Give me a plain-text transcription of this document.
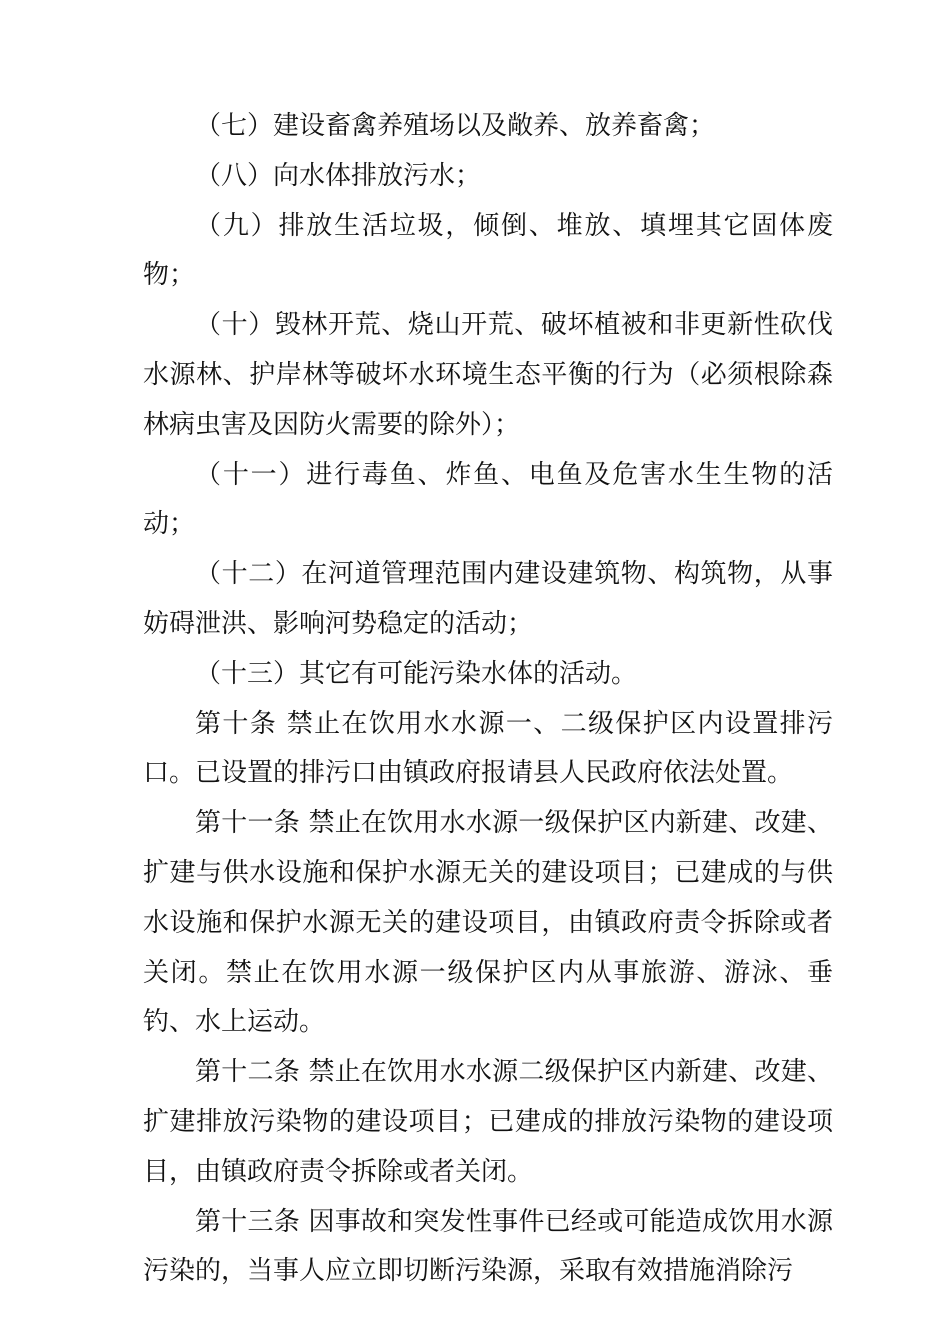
（七）建设畜禽养殖场以及敞养、放养畜禽；

（八）向水体排放污水；

（九）排放生活垃圾，倾倒、堆放、填埋其它固体废物；

（十）毁林开荒、烧山开荒、破坏植被和非更新性砍伐水源林、护岸林等破坏水环境生态平衡的行为（必须根除森林病虫害及因防火需要的除外）；

（十一）进行毒鱼、炸鱼、电鱼及危害水生生物的活动；

（十二）在河道管理范围内建设建筑物、构筑物，从事妨碍泄洪、影响河势稳定的活动；

（十三）其它有可能污染水体的活动。

第十条 禁止在饮用水水源一、二级保护区内设置排污口。已设置的排污口由镇政府报请县人民政府依法处置。

第十一条 禁止在饮用水水源一级保护区内新建、改建、扩建与供水设施和保护水源无关的建设项目；已建成的与供水设施和保护水源无关的建设项目，由镇政府责令拆除或者关闭。禁止在饮用水源一级保护区内从事旅游、游泳、垂钓、水上运动。

第十二条 禁止在饮用水水源二级保护区内新建、改建、扩建排放污染物的建设项目；已建成的排放污染物的建设项目，由镇政府责令拆除或者关闭。

第十三条 因事故和突发性事件已经或可能造成饮用水源污染的，当事人应立即切断污染源，采取有效措施消除污
